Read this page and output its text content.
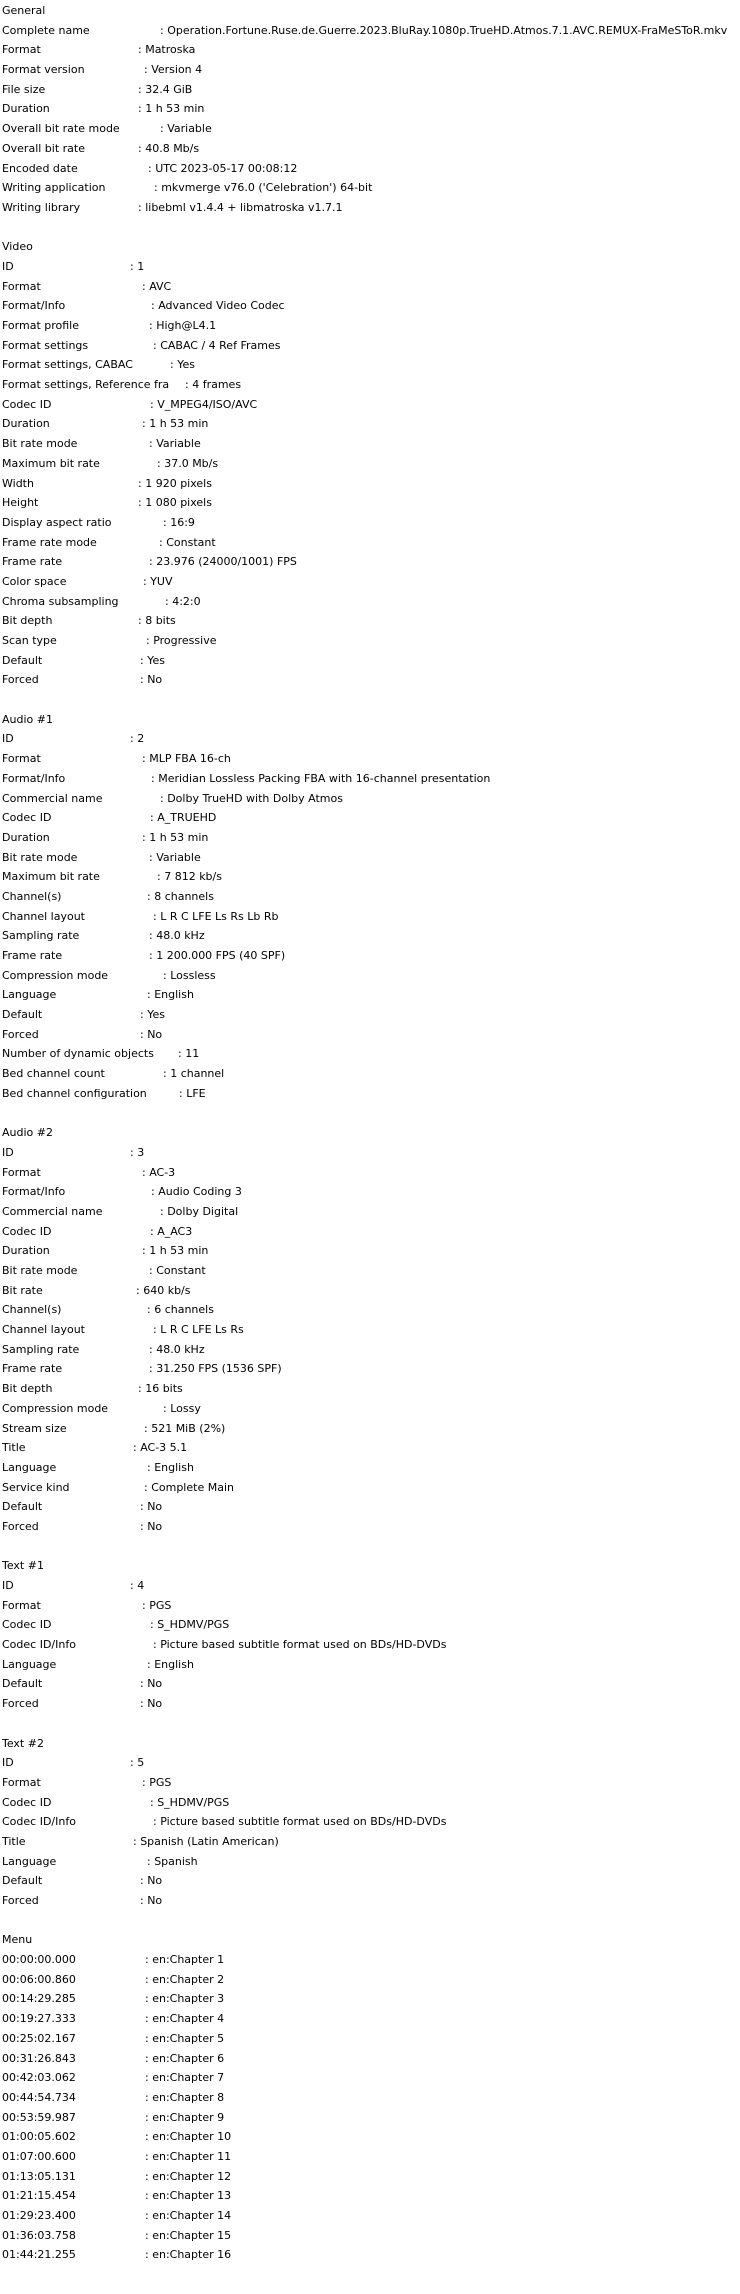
General
Complete name	: Operation.Fortune.Ruse.de.Guerre.2023.BluRay.1080p.TrueHD.Atmos.7.1.AVC.REMUX-FraMeSToR.mkv
Format	: Matroska
Format version	: Version 4
File size	: 32.4 GiB
Duration	: 1 h 53 min
Overall bit rate mode	: Variable
Overall bit rate	: 40.8 Mb/s
Encoded date	: UTC 2023-05-17 00:08:12
Writing application	: mkvmerge v76.0 ('Celebration') 64-bit
Writing library	: libebml v1.4.4 + libmatroska v1.7.1
Video
ID	: 1
Format	: AVC
Format/Info	: Advanced Video Codec
Format profile	: High@L4.1
Format settings	: CABAC / 4 Ref Frames
Format settings, CABAC	: Yes
Format settings, Reference fra : 4 frames
Codec ID	: V_MPEG4/ISO/AVC
Duration	: 1 h 53 min
Bit rate mode	: Variable
Maximum bit rate	: 37.0 Mb/s
Width	: 1 920 pixels
Height	: 1 080 pixels
Display aspect ratio	: 16:9
Frame rate mode	: Constant
Frame rate	: 23.976 (24000/1001) FPS
Color space	: YUV
Chroma subsampling	: 4:2:0
Bit depth	: 8 bits
Scan type	: Progressive
Default	: Yes
Forced	: No
Audio #1
ID	: 2
Format	: MLP FBA 16-ch
Format/Info	: Meridian Lossless Packing FBA with 16-channel presentation
Commercial name	: Dolby TrueHD with Dolby Atmos
Codec ID	: A_TRUEHD
Duration	: 1 h 53 min
Bit rate mode	: Variable
Maximum bit rate	: 7 812 kb/s
Channel(s)	: 8 channels
Channel layout	: L R C LFE Ls Rs Lb Rb
Sampling rate	: 48.0 kHz
Frame rate	: 1 200.000 FPS (40 SPF)
Compression mode	: Lossless
Language	: English
Default	: Yes
Forced	: No
Number of dynamic objects : 11
Bed channel count	: 1 channel
Bed channel configuration	: LFE
Audio #2
ID	: 3
Format	: AC-3
Format/Info	: Audio Coding 3
Commercial name	: Dolby Digital
Codec ID	: A_AC3
Duration	: 1 h 53 min
Bit rate mode	: Constant
Bit rate	: 640 kb/s
Channel(s)	: 6 channels
Channel layout	: L R C LFE Ls Rs
Sampling rate	: 48.0 kHz
Frame rate	: 31.250 FPS (1536 SPF)
Bit depth	: 16 bits
Compression mode	: Lossy
Stream size	: 521 MiB (2%)
Title	: AC-3 5.1
Language	: English
Service kind	: Complete Main
Default	: No
Forced	: No
Text #1
ID	: 4
Format	: PGS
Codec ID	: S_HDMV/PGS
Codec ID/Info	: Picture based subtitle format used on BDs/HD-DVDs
Language	: English
Default	: No
Forced	: No
Text #2
ID	: 5
Format	: PGS
Codec ID	: S_HDMV/PGS
Codec ID/Info	: Picture based subtitle format used on BDs/HD-DVDs
Title	: Spanish (Latin American)
Language	: Spanish
Default	: No
Forced	: No
Menu
00:00:00.000	: en:Chapter 1
00:06:00.860	: en:Chapter 2
00:14:29.285	: en:Chapter 3
00:19:27.333	: en:Chapter 4
00:25:02.167	: en:Chapter 5
00:31:26.843	: en:Chapter 6
00:42:03.062	: en:Chapter 7
00:44:54.734	: en:Chapter 8
00:53:59.987	: en:Chapter 9
01:00:05.602	: en:Chapter 10
01:07:00.600	: en:Chapter 11
01:13:05.131	: en:Chapter 12
01:21:15.454	: en:Chapter 13
01:29:23.400	: en:Chapter 14
01:36:03.758	: en:Chapter 15
01:44:21.255	: en:Chapter 16
